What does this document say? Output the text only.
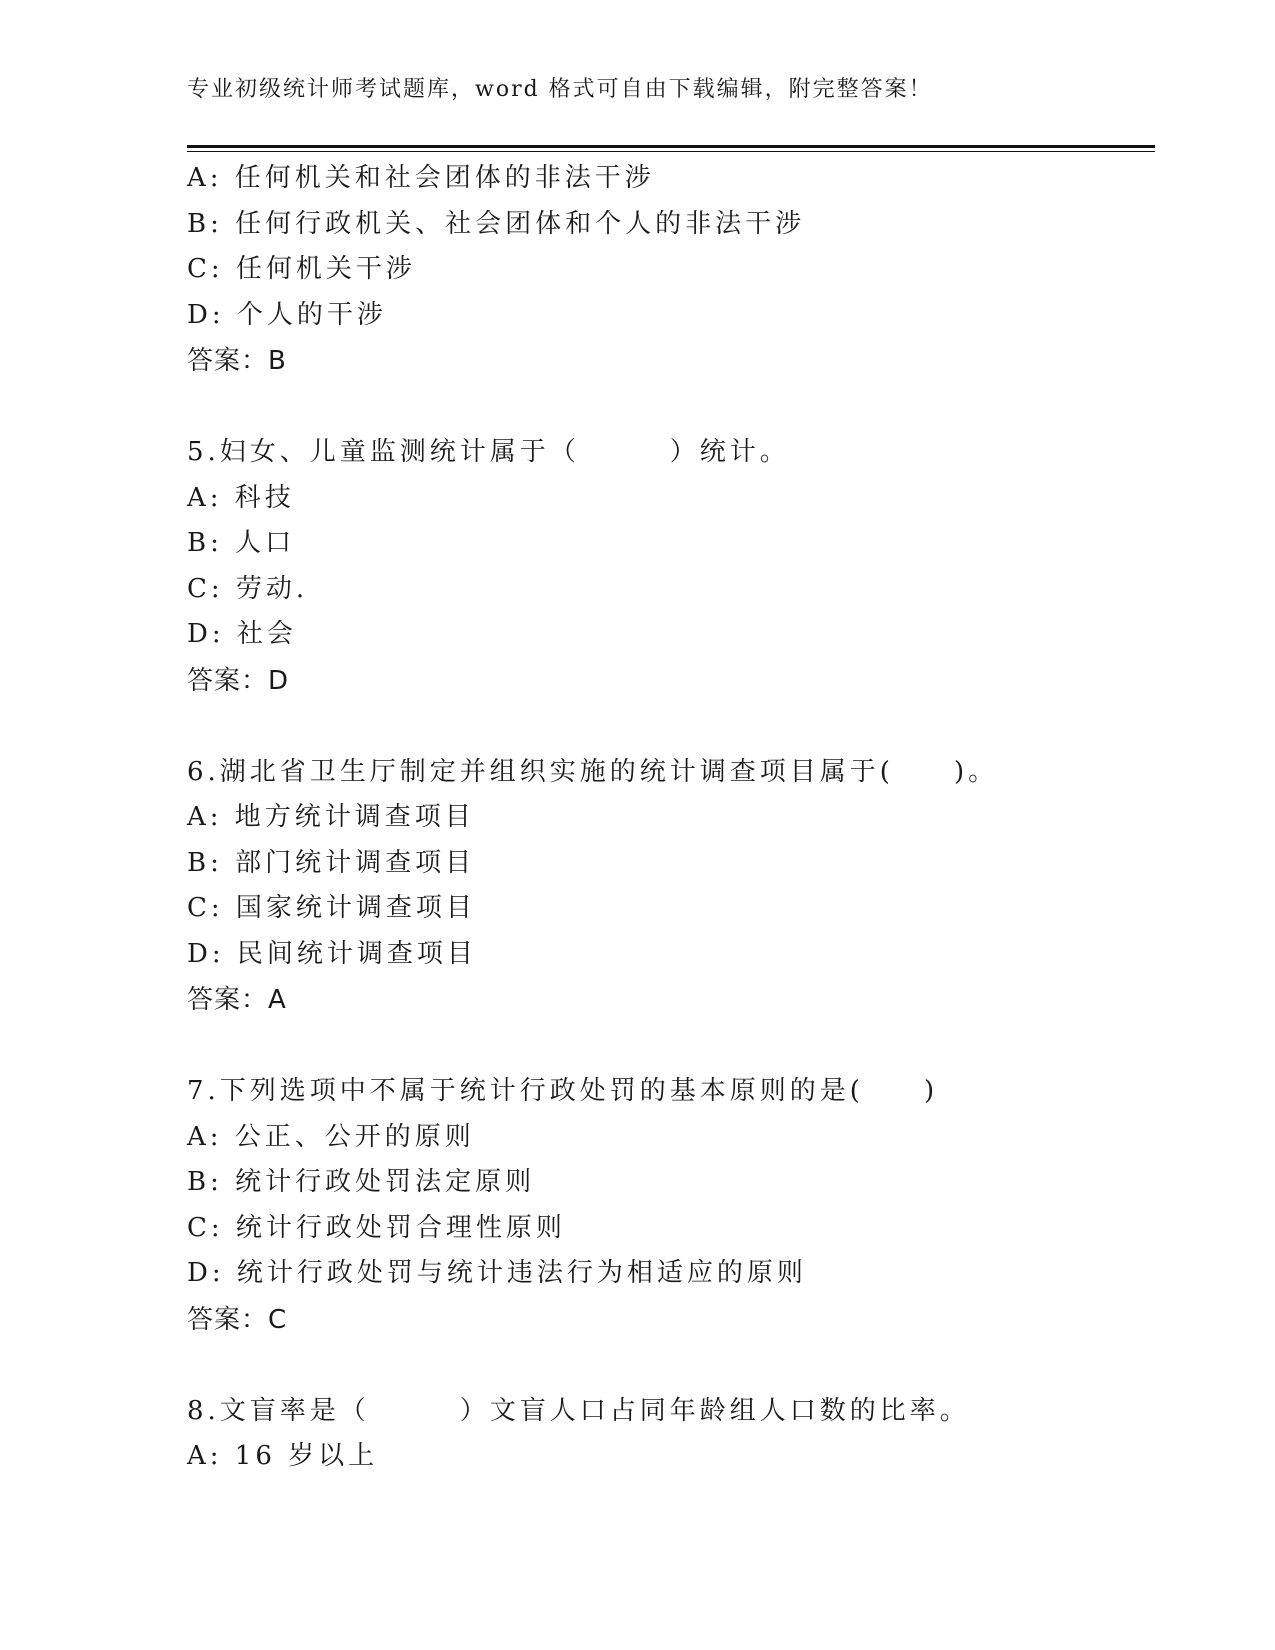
专业初级统计师考试题库，word 格式可自由下载编辑，附完整答案！
A: 任何机关和社会团体的非法干涉
B: 任何行政机关、社会团体和个人的非法干涉
C: 任何机关干涉
D: 个人的干涉
答案：B
5.妇女、儿童监测统计属于（　　　）统计。
A: 科技
B: 人口
C: 劳动.
D: 社会
答案：D
6.湖北省卫生厅制定并组织实施的统计调查项目属于(　　)。
A: 地方统计调查项目
B: 部门统计调查项目
C: 国家统计调查项目
D: 民间统计调查项目
答案：A
7.下列选项中不属于统计行政处罚的基本原则的是(　　)
A: 公正、公开的原则
B: 统计行政处罚法定原则
C: 统计行政处罚合理性原则
D: 统计行政处罚与统计违法行为相适应的原则
答案：C
8.文盲率是（　　　）文盲人口占同年龄组人口数的比率。
A: 16 岁以上
